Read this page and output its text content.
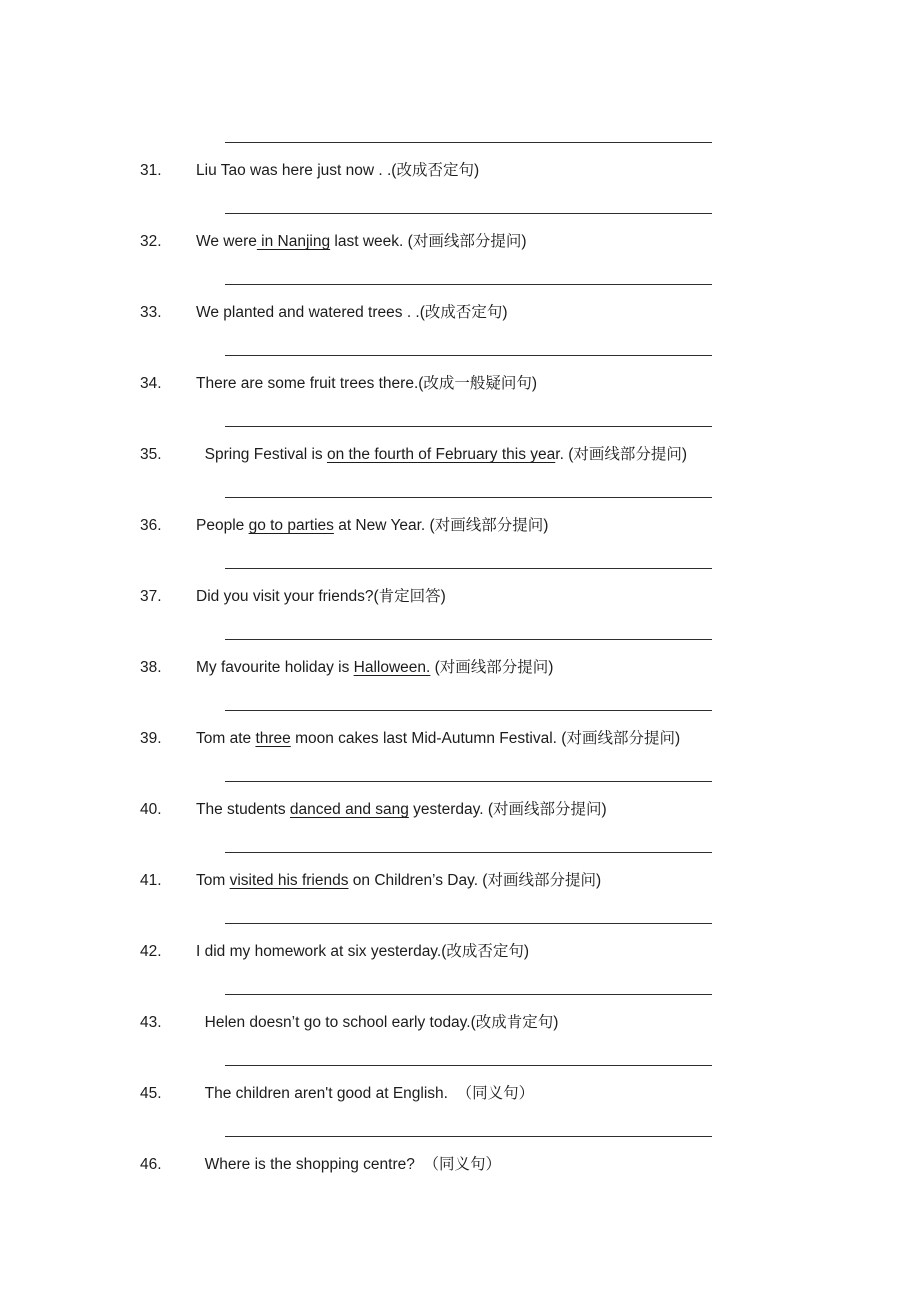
31.	Liu Tao was here just now . .(改成否定句)
32.	We were in Nanjing last week. (对画线部分提问)
33.	We planted and watered trees . .(改成否定句)
34.	There are some fruit trees there.(改成一般疑问句)
35.	Spring Festival is on the fourth of February this year. (对画线部分提问)
36.	People go to parties at New Year. (对画线部分提问)
37.	Did you visit your friends?(肯定回答)
38.	My favourite holiday is Halloween. (对画线部分提问)
39.	Tom ate three moon cakes last Mid-Autumn Festival. (对画线部分提问)
40.	The students danced and sang yesterday. (对画线部分提问)
41.	Tom visited his friends on Children’s Day. (对画线部分提问)
42.	I did my homework at six yesterday.(改成否定句)
43.	Helen doesn’t go to school early today.(改成肯定句)
45.	The children aren't good at English.  （同义句）
46.	Where is the shopping centre?  （同义句）
